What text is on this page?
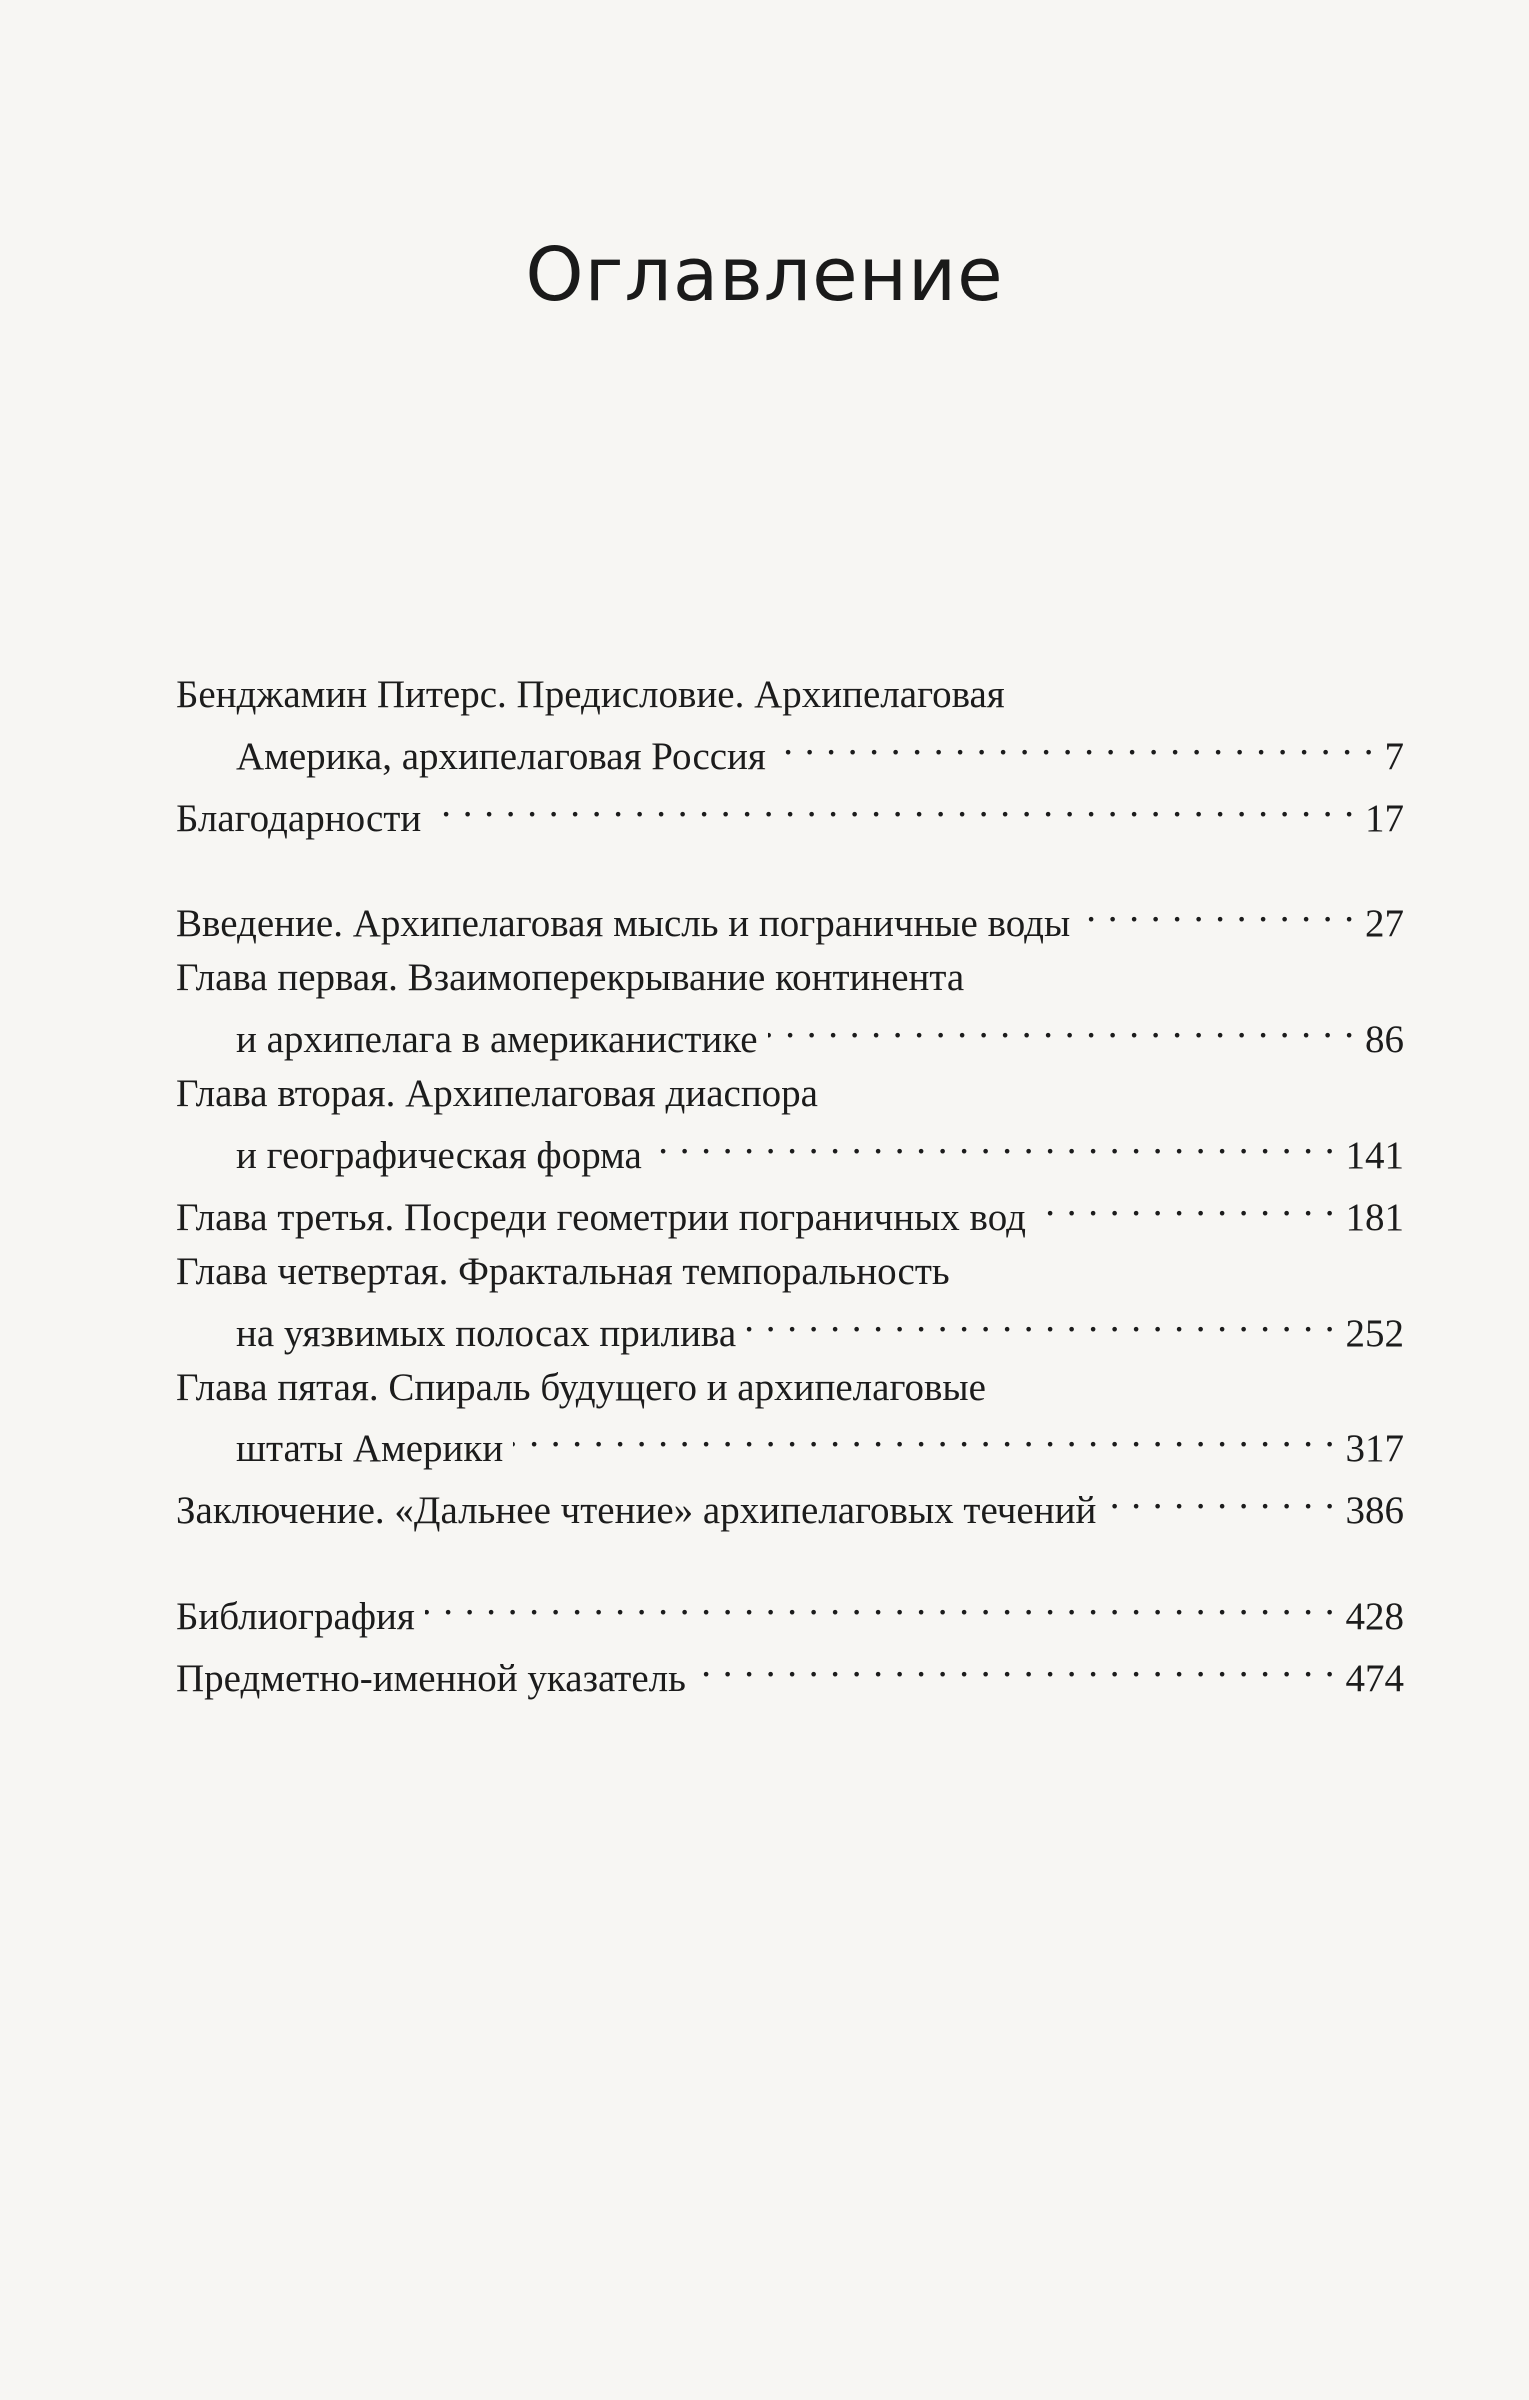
Оглавление
Бенджамин Питерс. Предисловие. Архипелаговая
Америка, архипелаговая Россия . . .	7
Благодарности . . .	17
Введение. Архипелаговая мысль и пограничные воды . . .	27
Глава первая. Взаимоперекрывание континента
и архипелага в американистике . . .	86
Глава вторая. Архипелаговая диаспора
и географическая форма . . .	141
Глава третья. Посреди геометрии пограничных вод . . .	181
Глава четвертая. Фрактальная темпоральность
на уязвимых полосах прилива . . .	252
Глава пятая. Спираль будущего и архипелаговые
штаты Америки . . .	317
Заключение. «Дальнее чтение» архипелаговых течений . . .	386
Библиография . . .	428
Предметно-именной указатель . . .	474
